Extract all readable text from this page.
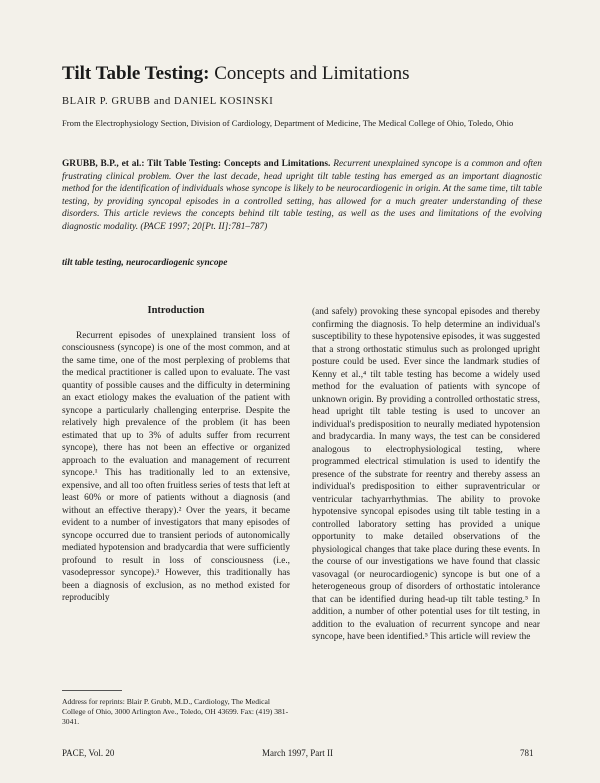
Tilt Table Testing: Concepts and Limitations
BLAIR P. GRUBB and DANIEL KOSINSKI
From the Electrophysiology Section, Division of Cardiology, Department of Medicine, The Medical College of Ohio, Toledo, Ohio
GRUBB, B.P., et al.: Tilt Table Testing: Concepts and Limitations. Recurrent unexplained syncope is a common and often frustrating clinical problem. Over the last decade, head upright tilt table testing has emerged as an important diagnostic method for the identification of individuals whose syncope is likely to be neurocardiogenic in origin. At the same time, tilt table testing, by providing syncopal episodes in a controlled setting, has allowed for a much greater understanding of these disorders. This article reviews the concepts behind tilt table testing, as well as the uses and limitations of the evolving diagnostic modality. (PACE 1997; 20[Pt. II]:781–787)
tilt table testing, neurocardiogenic syncope
Introduction

Recurrent episodes of unexplained transient loss of consciousness (syncope) is one of the most common, and at the same time, one of the most perplexing of problems that the medical practitioner is called upon to evaluate. The vast quantity of possible causes and the difficulty in determining an exact etiology makes the evaluation of the patient with syncope a particularly challenging enterprise. Despite the relatively high prevalence of the problem (it has been estimated that up to 3% of adults suffer from recurrent syncope), there has not been an effective or organized approach to the evaluation and management of recurrent syncope.¹ This has traditionally led to an extensive, expensive, and all too often fruitless series of tests that left at least 60% or more of patients without a diagnosis (and without an effective therapy).² Over the years, it became evident to a number of investigators that many episodes of syncope occurred due to transient periods of autonomically mediated hypotension and bradycardia that were sufficiently profound to result in loss of consciousness (i.e., vasodepressor syncope).³ However, this traditionally has been a diagnosis of exclusion, as no method existed for reproducibly

(and safely) provoking these syncopal episodes and thereby confirming the diagnosis. To help determine an individual's susceptibility to these hypotensive episodes, it was suggested that a strong orthostatic stimulus such as prolonged upright posture could be used. Ever since the landmark studies of Kenny et al.,⁴ tilt table testing has become a widely used method for the evaluation of patients with syncope of unknown origin. By providing a controlled orthostatic stress, head upright tilt table testing is used to uncover an individual's predisposition to neurally mediated hypotension and bradycardia. In many ways, the test can be considered analogous to electrophysiological testing, where programmed electrical stimulation is used to identify the presence of the substrate for reentry and thereby assess an individual's predisposition to either supraventricular or ventricular tachyarrhythmias. The ability to provoke hypotensive syncopal episodes using tilt table testing in a controlled laboratory setting has provided a unique opportunity to make detailed observations of the physiological changes that take place during these events. In the course of our investigations we have found that classic vasovagal (or neurocardiogenic) syncope is but one of a heterogeneous group of disorders of orthostatic intolerance that can be identified during head-up tilt table testing.⁵ In addition, a number of other potential uses for tilt testing, in addition to the evaluation of recurrent syncope and near syncope, have been identified.⁵ This article will review the

Address for reprints: Blair P. Grubb, M.D., Cardiology, The Medical College of Ohio, 3000 Arlington Ave., Toledo, OH 43699. Fax: (419) 381-3041.
PACE, Vol. 20	March 1997, Part II	781
